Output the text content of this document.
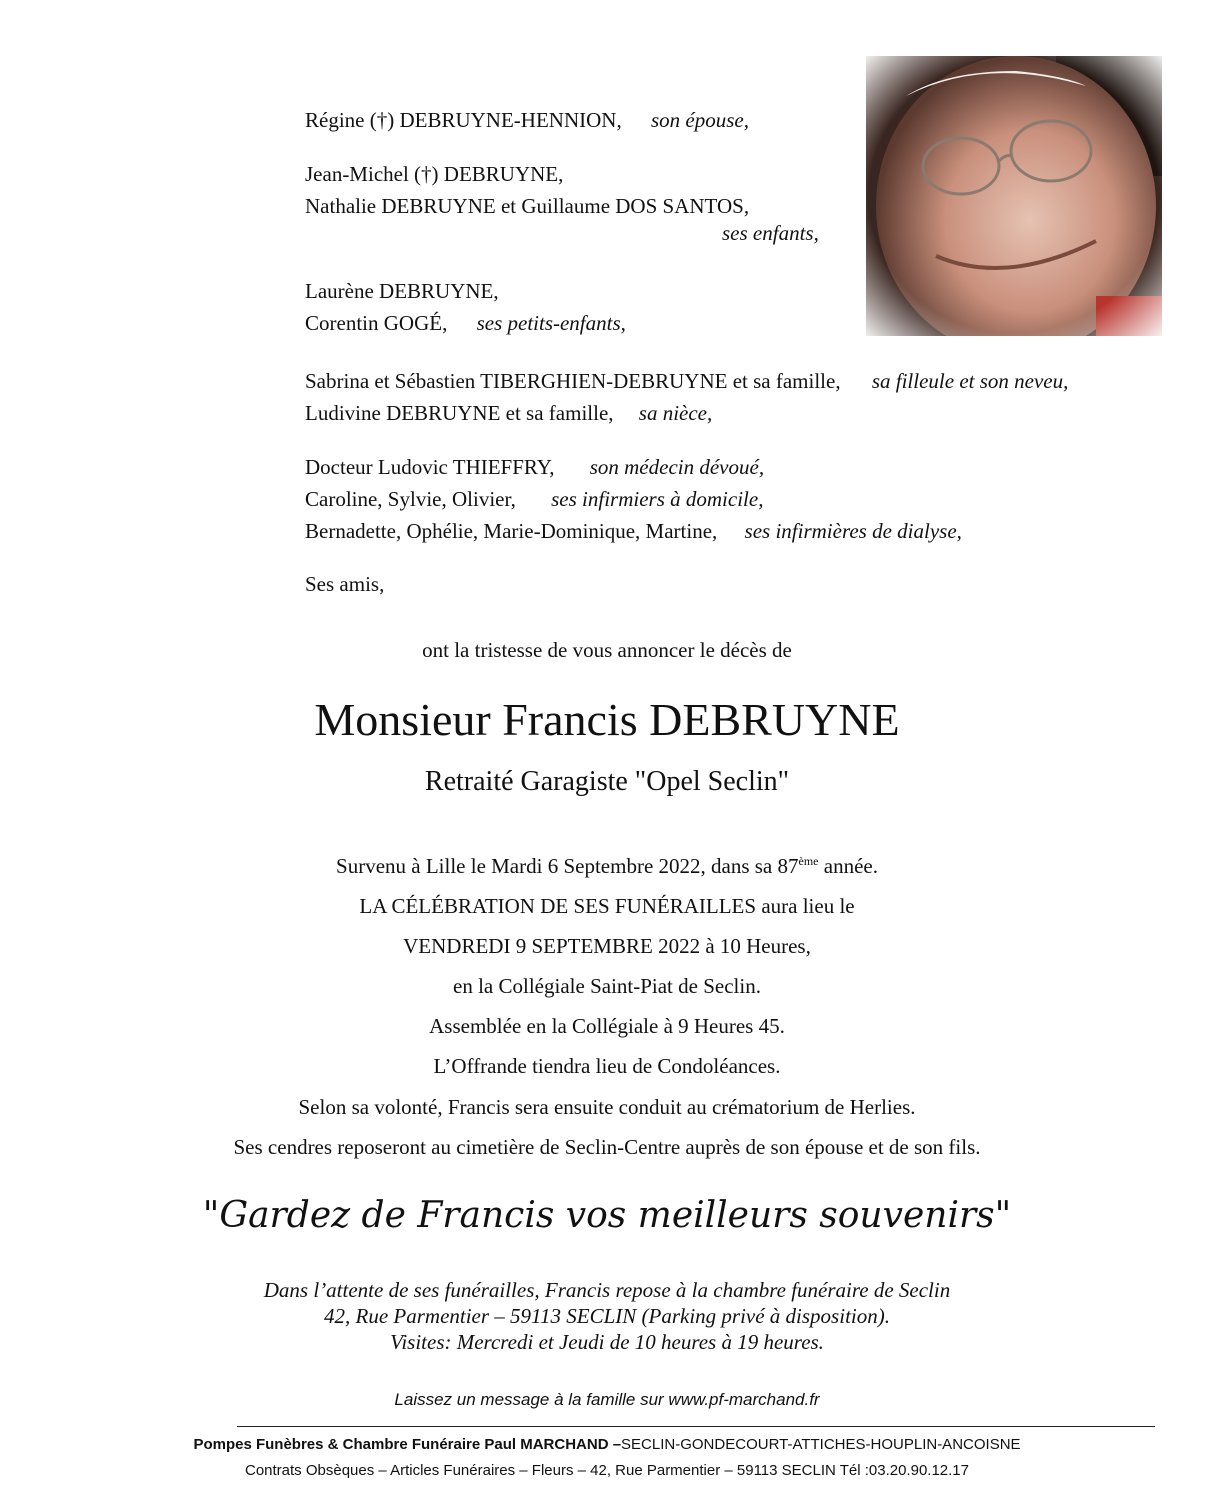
Régine (†) DEBRUYNE-HENNION, son épouse,
Jean-Michel (†) DEBRUYNE,
Nathalie DEBRUYNE et Guillaume DOS SANTOS,
ses enfants,
Laurène DEBRUYNE,
Corentin GOGÉ, ses petits-enfants,
Sabrina et Sébastien TIBERGHIEN-DEBRUYNE et sa famille, sa filleule et son neveu,
Ludivine DEBRUYNE et sa famille, sa nièce,
Docteur Ludovic THIEFFRY, son médecin dévoué,
Caroline, Sylvie, Olivier, ses infirmiers à domicile,
Bernadette, Ophélie, Marie-Dominique, Martine, ses infirmières de dialyse,
Ses amis,
ont la tristesse de vous annoncer le décès de
Monsieur Francis DEBRUYNE
Retraité Garagiste "Opel Seclin"
Survenu à Lille le Mardi 6 Septembre 2022, dans sa 87ème année.
LA CÉLÉBRATION DE SES FUNÉRAILLES aura lieu le
VENDREDI 9 SEPTEMBRE 2022 à 10 Heures,
en la Collégiale Saint-Piat de Seclin.
Assemblée en la Collégiale à 9 Heures 45.
L’Offrande tiendra lieu de Condoléances.
Selon sa volonté, Francis sera ensuite conduit au crématorium de Herlies.
Ses cendres reposeront au cimetière de Seclin-Centre auprès de son épouse et de son fils.
"Gardez de Francis vos meilleurs souvenirs"
Dans l’attente de ses funérailles, Francis repose à la chambre funéraire de Seclin
42, Rue Parmentier – 59113 SECLIN (Parking privé à disposition).
Visites: Mercredi et Jeudi de 10 heures à 19 heures.
Laissez un message à la famille sur www.pf-marchand.fr
Pompes Funèbres & Chambre Funéraire Paul MARCHAND –SECLIN-GONDECOURT-ATTICHES-HOUPLIN-ANCOISNE
Contrats Obsèques – Articles Funéraires – Fleurs – 42, Rue Parmentier – 59113 SECLIN Tél :03.20.90.12.17
